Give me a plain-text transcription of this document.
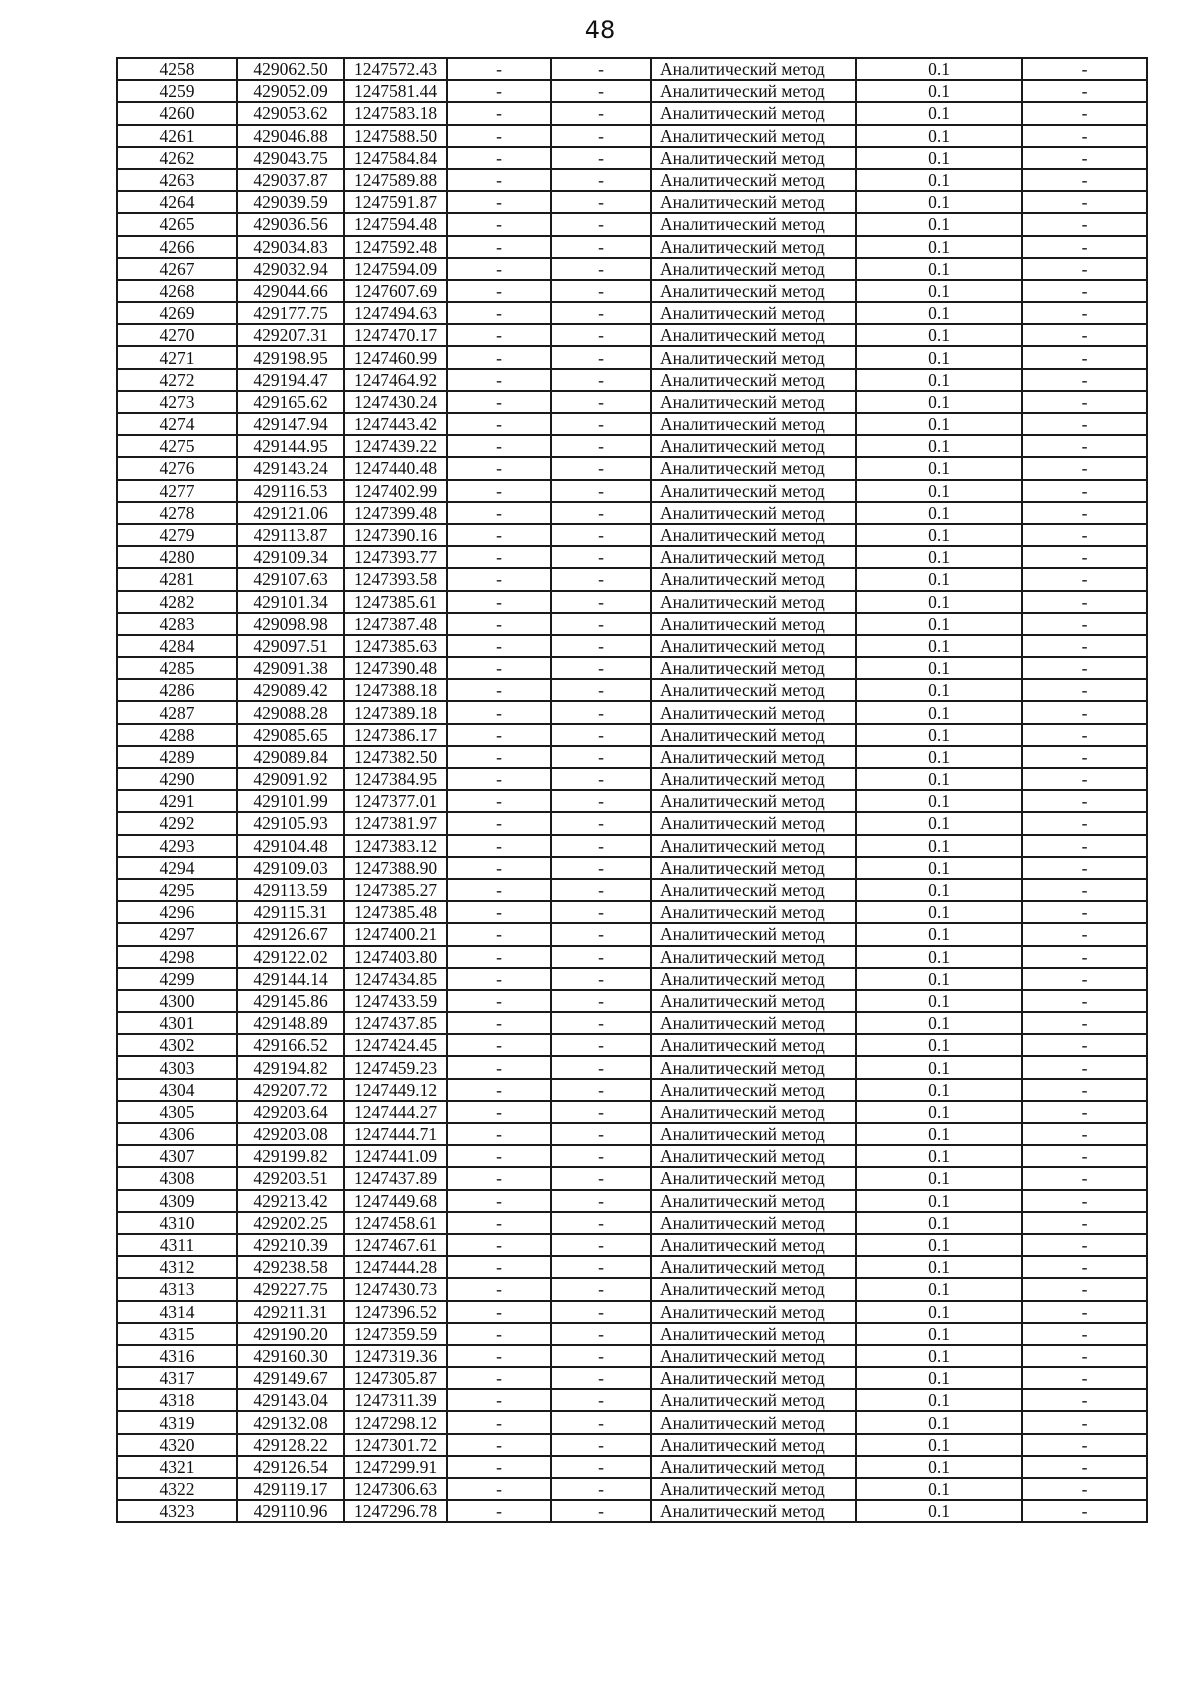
48
4258	429062.50	1247572.43	-	-	Аналитический метод	0.1	-
4259	429052.09	1247581.44	-	-	Аналитический метод	0.1	-
4260	429053.62	1247583.18	-	-	Аналитический метод	0.1	-
4261	429046.88	1247588.50	-	-	Аналитический метод	0.1	-
4262	429043.75	1247584.84	-	-	Аналитический метод	0.1	-
4263	429037.87	1247589.88	-	-	Аналитический метод	0.1	-
4264	429039.59	1247591.87	-	-	Аналитический метод	0.1	-
4265	429036.56	1247594.48	-	-	Аналитический метод	0.1	-
4266	429034.83	1247592.48	-	-	Аналитический метод	0.1	-
4267	429032.94	1247594.09	-	-	Аналитический метод	0.1	-
4268	429044.66	1247607.69	-	-	Аналитический метод	0.1	-
4269	429177.75	1247494.63	-	-	Аналитический метод	0.1	-
4270	429207.31	1247470.17	-	-	Аналитический метод	0.1	-
4271	429198.95	1247460.99	-	-	Аналитический метод	0.1	-
4272	429194.47	1247464.92	-	-	Аналитический метод	0.1	-
4273	429165.62	1247430.24	-	-	Аналитический метод	0.1	-
4274	429147.94	1247443.42	-	-	Аналитический метод	0.1	-
4275	429144.95	1247439.22	-	-	Аналитический метод	0.1	-
4276	429143.24	1247440.48	-	-	Аналитический метод	0.1	-
4277	429116.53	1247402.99	-	-	Аналитический метод	0.1	-
4278	429121.06	1247399.48	-	-	Аналитический метод	0.1	-
4279	429113.87	1247390.16	-	-	Аналитический метод	0.1	-
4280	429109.34	1247393.77	-	-	Аналитический метод	0.1	-
4281	429107.63	1247393.58	-	-	Аналитический метод	0.1	-
4282	429101.34	1247385.61	-	-	Аналитический метод	0.1	-
4283	429098.98	1247387.48	-	-	Аналитический метод	0.1	-
4284	429097.51	1247385.63	-	-	Аналитический метод	0.1	-
4285	429091.38	1247390.48	-	-	Аналитический метод	0.1	-
4286	429089.42	1247388.18	-	-	Аналитический метод	0.1	-
4287	429088.28	1247389.18	-	-	Аналитический метод	0.1	-
4288	429085.65	1247386.17	-	-	Аналитический метод	0.1	-
4289	429089.84	1247382.50	-	-	Аналитический метод	0.1	-
4290	429091.92	1247384.95	-	-	Аналитический метод	0.1	-
4291	429101.99	1247377.01	-	-	Аналитический метод	0.1	-
4292	429105.93	1247381.97	-	-	Аналитический метод	0.1	-
4293	429104.48	1247383.12	-	-	Аналитический метод	0.1	-
4294	429109.03	1247388.90	-	-	Аналитический метод	0.1	-
4295	429113.59	1247385.27	-	-	Аналитический метод	0.1	-
4296	429115.31	1247385.48	-	-	Аналитический метод	0.1	-
4297	429126.67	1247400.21	-	-	Аналитический метод	0.1	-
4298	429122.02	1247403.80	-	-	Аналитический метод	0.1	-
4299	429144.14	1247434.85	-	-	Аналитический метод	0.1	-
4300	429145.86	1247433.59	-	-	Аналитический метод	0.1	-
4301	429148.89	1247437.85	-	-	Аналитический метод	0.1	-
4302	429166.52	1247424.45	-	-	Аналитический метод	0.1	-
4303	429194.82	1247459.23	-	-	Аналитический метод	0.1	-
4304	429207.72	1247449.12	-	-	Аналитический метод	0.1	-
4305	429203.64	1247444.27	-	-	Аналитический метод	0.1	-
4306	429203.08	1247444.71	-	-	Аналитический метод	0.1	-
4307	429199.82	1247441.09	-	-	Аналитический метод	0.1	-
4308	429203.51	1247437.89	-	-	Аналитический метод	0.1	-
4309	429213.42	1247449.68	-	-	Аналитический метод	0.1	-
4310	429202.25	1247458.61	-	-	Аналитический метод	0.1	-
4311	429210.39	1247467.61	-	-	Аналитический метод	0.1	-
4312	429238.58	1247444.28	-	-	Аналитический метод	0.1	-
4313	429227.75	1247430.73	-	-	Аналитический метод	0.1	-
4314	429211.31	1247396.52	-	-	Аналитический метод	0.1	-
4315	429190.20	1247359.59	-	-	Аналитический метод	0.1	-
4316	429160.30	1247319.36	-	-	Аналитический метод	0.1	-
4317	429149.67	1247305.87	-	-	Аналитический метод	0.1	-
4318	429143.04	1247311.39	-	-	Аналитический метод	0.1	-
4319	429132.08	1247298.12	-	-	Аналитический метод	0.1	-
4320	429128.22	1247301.72	-	-	Аналитический метод	0.1	-
4321	429126.54	1247299.91	-	-	Аналитический метод	0.1	-
4322	429119.17	1247306.63	-	-	Аналитический метод	0.1	-
4323	429110.96	1247296.78	-	-	Аналитический метод	0.1	-
